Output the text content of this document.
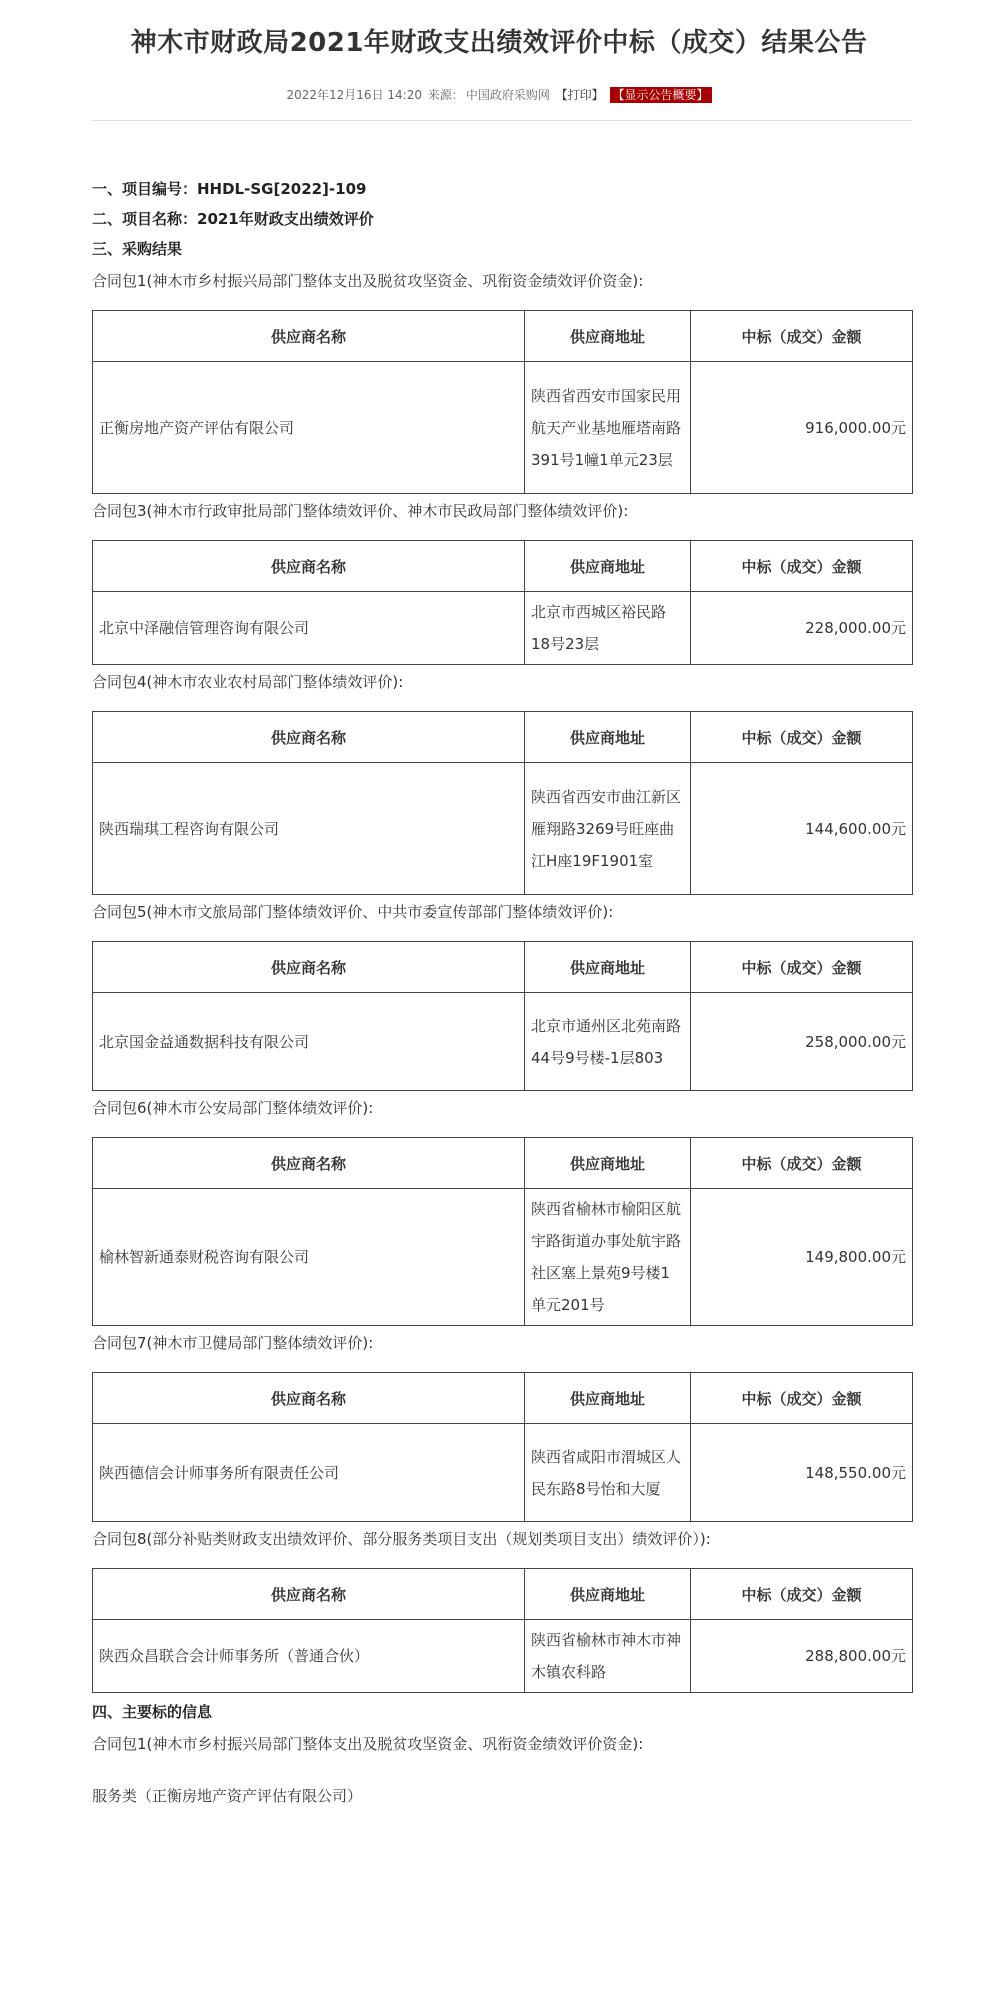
神木市财政局2021年财政支出绩效评价中标（成交）结果公告
2022年12月16日 14:20 来源： 中国政府采购网 【打印】 【显示公告概要】
一、项目编号：HHDL-SG[2022]-109
二、项目名称：2021年财政支出绩效评价
三、采购结果
合同包1(神木市乡村振兴局部门整体支出及脱贫攻坚资金、巩衔资金绩效评价资金):
供应商名称	供应商地址	中标（成交）金额
正衡房地产资产评估有限公司	陕西省西安市国家民用航天产业基地雁塔南路391号1幢1单元23层	916,000.00元
合同包3(神木市行政审批局部门整体绩效评价、神木市民政局部门整体绩效评价):
供应商名称	供应商地址	中标（成交）金额
北京中泽融信管理咨询有限公司	北京市西城区裕民路18号23层	228,000.00元
合同包4(神木市农业农村局部门整体绩效评价):
供应商名称	供应商地址	中标（成交）金额
陕西瑞琪工程咨询有限公司	陕西省西安市曲江新区雁翔路3269号旺座曲江H座19F1901室	144,600.00元
合同包5(神木市文旅局部门整体绩效评价、中共市委宣传部部门整体绩效评价):
供应商名称	供应商地址	中标（成交）金额
北京国金益通数据科技有限公司	北京市通州区北苑南路44号9号楼-1层803	258,000.00元
合同包6(神木市公安局部门整体绩效评价):
供应商名称	供应商地址	中标（成交）金额
榆林智新通泰财税咨询有限公司	陕西省榆林市榆阳区航宇路街道办事处航宇路社区塞上景苑9号楼1单元201号	149,800.00元
合同包7(神木市卫健局部门整体绩效评价):
供应商名称	供应商地址	中标（成交）金额
陕西德信会计师事务所有限责任公司	陕西省咸阳市渭城区人民东路8号怡和大厦	148,550.00元
合同包8(部分补贴类财政支出绩效评价、部分服务类项目支出（规划类项目支出）绩效评价）):
供应商名称	供应商地址	中标（成交）金额
陕西众昌联合会计师事务所（普通合伙）	陕西省榆林市神木市神木镇农科路	288,800.00元
四、主要标的信息
合同包1(神木市乡村振兴局部门整体支出及脱贫攻坚资金、巩衔资金绩效评价资金):
服务类（正衡房地产资产评估有限公司）
